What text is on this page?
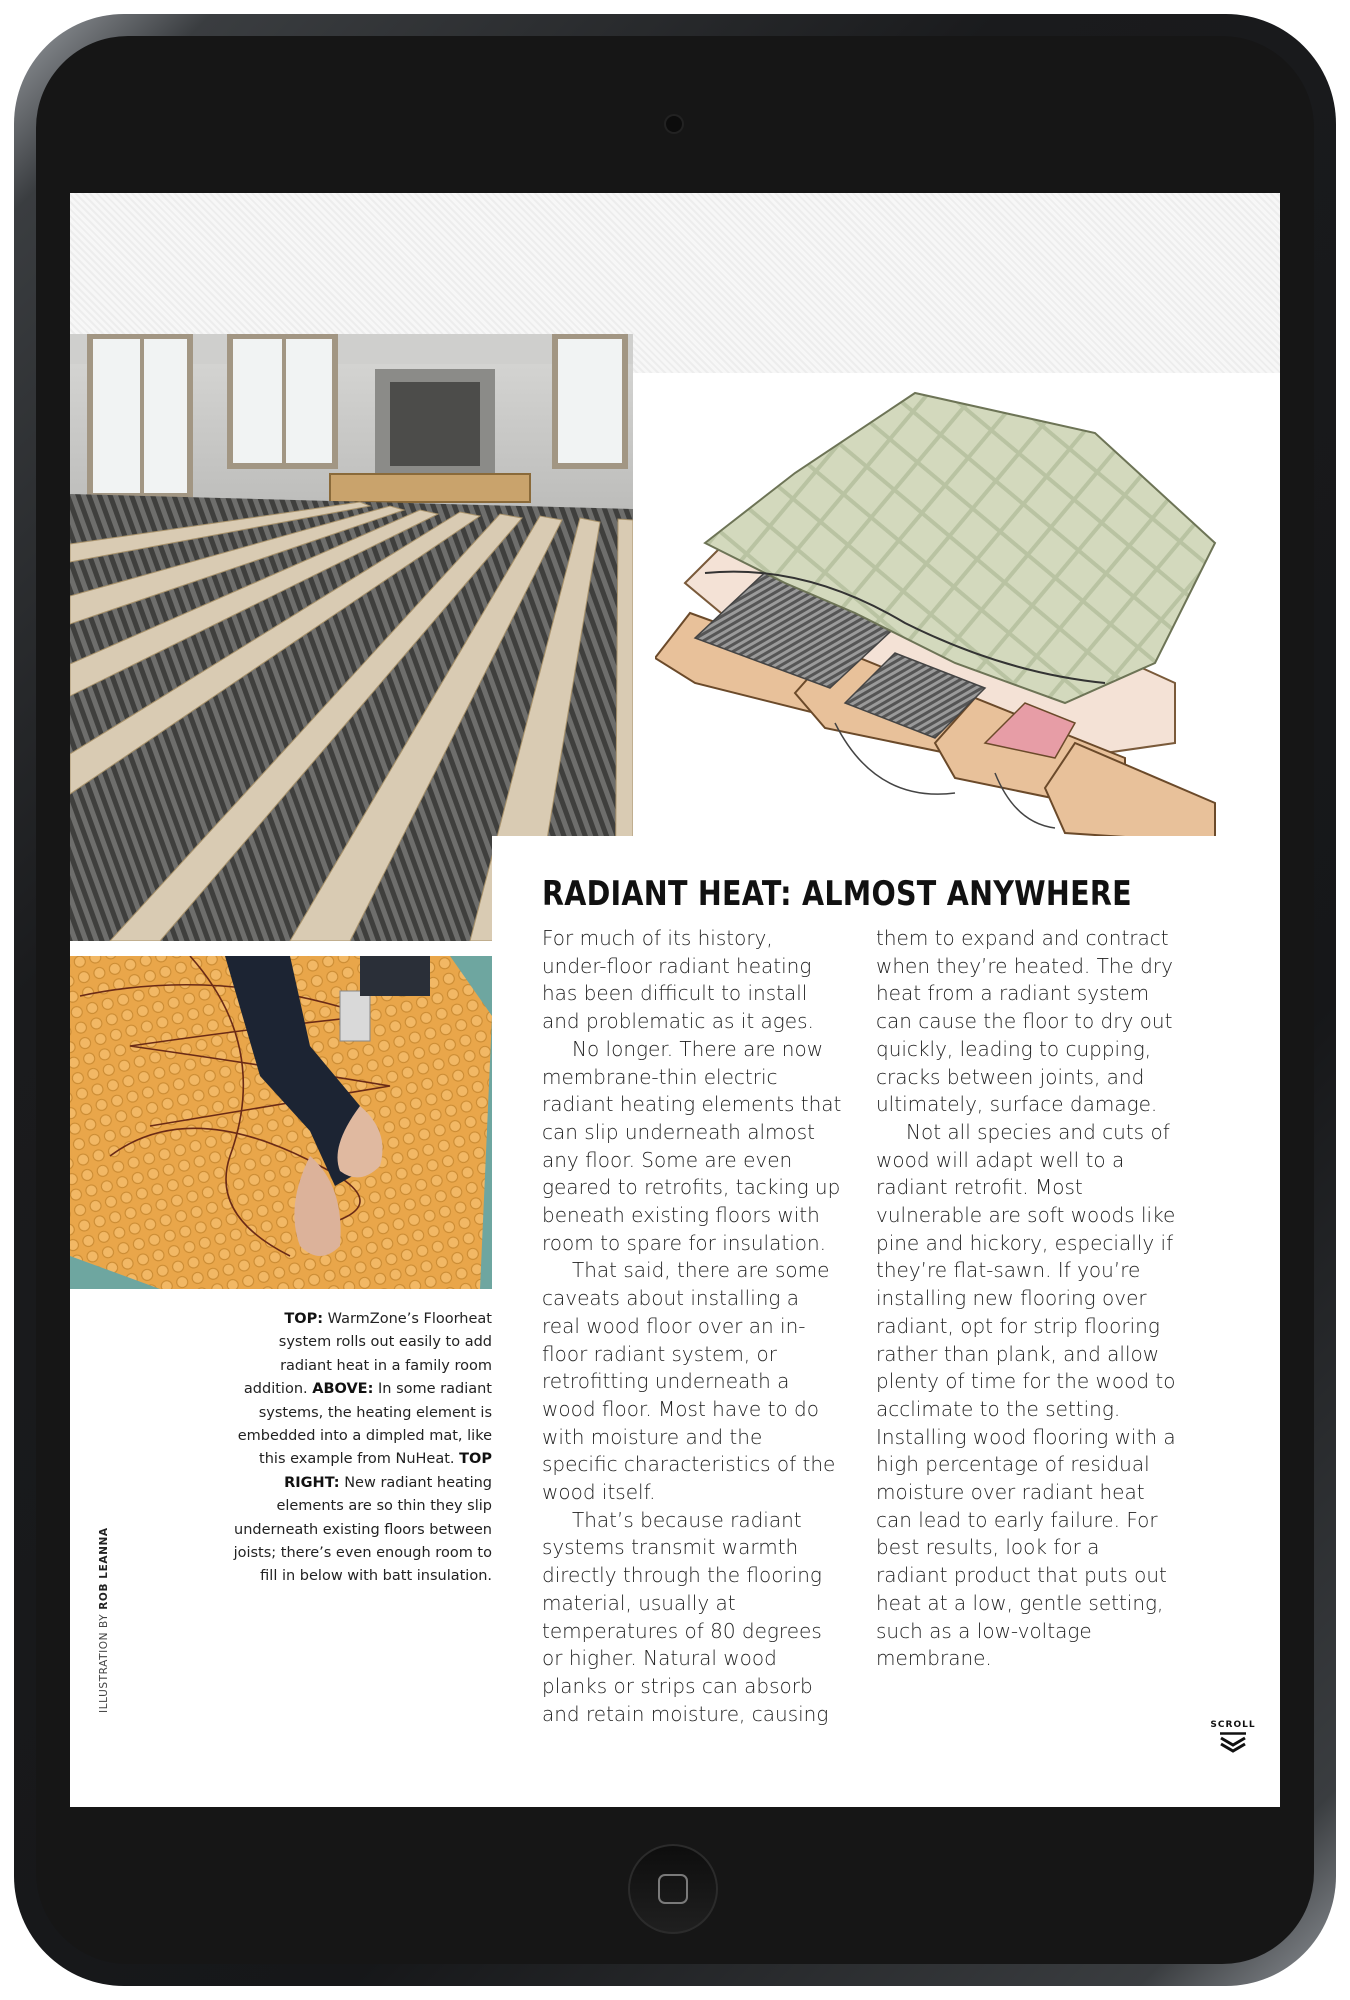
RADIANT HEAT: ALMOST ANYWHERE

For much of its history, under-floor radiant heating has been difficult to install and problematic as it ages.

No longer. There are now membrane-thin electric radiant heating elements that can slip underneath almost any floor. Some are even geared to retrofits, tacking up beneath existing floors with room to spare for insulation.

That said, there are some caveats about installing a real wood floor over an in-floor radiant system, or retrofitting underneath a wood floor. Most have to do with moisture and the specific characteristics of the wood itself.

That’s because radiant systems transmit warmth directly through the flooring material, usually at temperatures of 80 degrees or higher. Natural wood planks or strips can absorb and retain moisture, causing

them to expand and contract when they’re heated. The dry heat from a radiant system can cause the floor to dry out quickly, leading to cupping, cracks between joints, and ultimately, surface damage.

Not all species and cuts of wood will adapt well to a radiant retrofit. Most vulnerable are soft woods like pine and hickory, especially if they’re flat-sawn. If you’re installing new flooring over radiant, opt for strip flooring rather than plank, and allow plenty of time for the wood to acclimate to the setting. Installing wood flooring with a high percentage of residual moisture over radiant heat can lead to early failure. For best results, look for a radiant product that puts out heat at a low, gentle setting, such as a low-voltage membrane.

TOP: WarmZone’s Floorheat system rolls out easily to add radiant heat in a family room addition. ABOVE: In some radiant systems, the heating element is embedded into a dimpled mat, like this example from NuHeat. TOP RIGHT: New radiant heating elements are so thin they slip underneath existing floors between joists; there’s even enough room to fill in below with batt insulation.
ILLUSTRATION BY ROB LEANNA
SCROLL
